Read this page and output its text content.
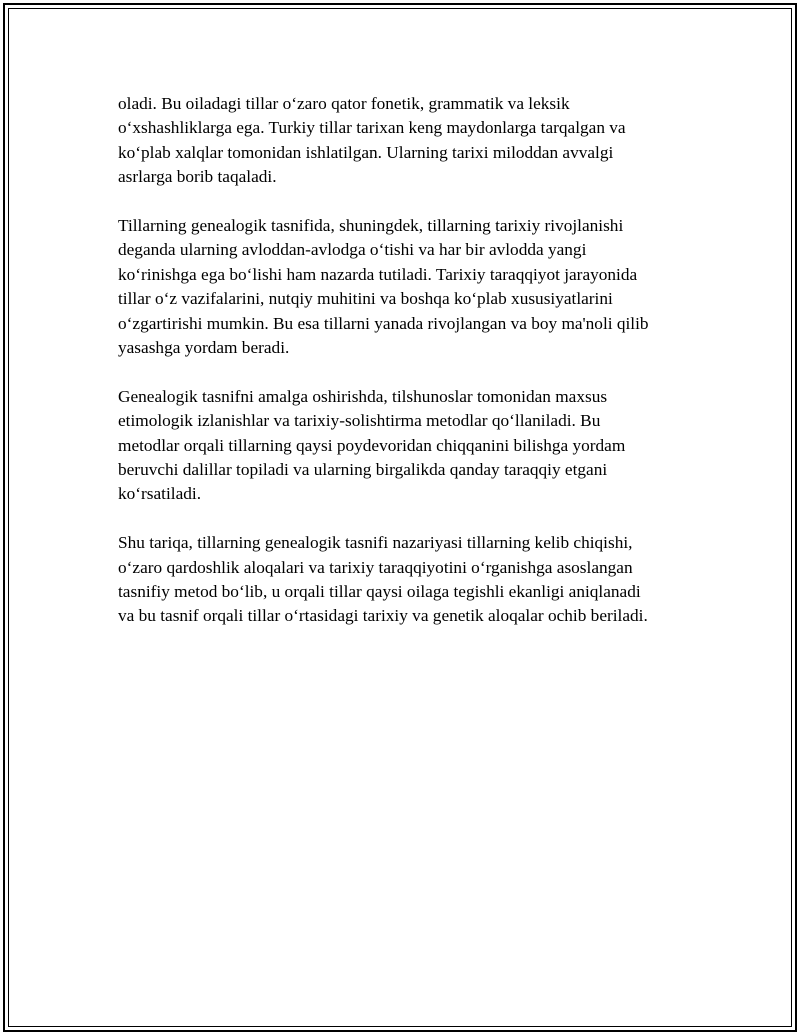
oladi. Bu oiladagi tillar o‘zaro qator fonetik, grammatik va leksik
o‘xshashliklarga ega. Turkiy tillar tarixan keng maydonlarga tarqalgan va
ko‘plab xalqlar tomonidan ishlatilgan. Ularning tarixi miloddan avvalgi
asrlarga borib taqaladi.

Tillarning genealogik tasnifida, shuningdek, tillarning tarixiy rivojlanishi
deganda ularning avloddan-avlodga o‘tishi va har bir avlodda yangi
ko‘rinishga ega bo‘lishi ham nazarda tutiladi. Tarixiy taraqqiyot jarayonida
tillar o‘z vazifalarini, nutqiy muhitini va boshqa ko‘plab xususiyatlarini
o‘zgartirishi mumkin. Bu esa tillarni yanada rivojlangan va boy ma'noli qilib
yasashga yordam beradi.

Genealogik tasnifni amalga oshirishda, tilshunoslar tomonidan maxsus
etimologik izlanishlar va tarixiy-solishtirma metodlar qo‘llaniladi. Bu
metodlar orqali tillarning qaysi poydevoridan chiqqanini bilishga yordam
beruvchi dalillar topiladi va ularning birgalikda qanday taraqqiy etgani
ko‘rsatiladi.

Shu tariqa, tillarning genealogik tasnifi nazariyasi tillarning kelib chiqishi,
o‘zaro qardoshlik aloqalari va tarixiy taraqqiyotini o‘rganishga asoslangan
tasnifiy metod bo‘lib, u orqali tillar qaysi oilaga tegishli ekanligi aniqlanadi
va bu tasnif orqali tillar o‘rtasidagi tarixiy va genetik aloqalar ochib beriladi.
